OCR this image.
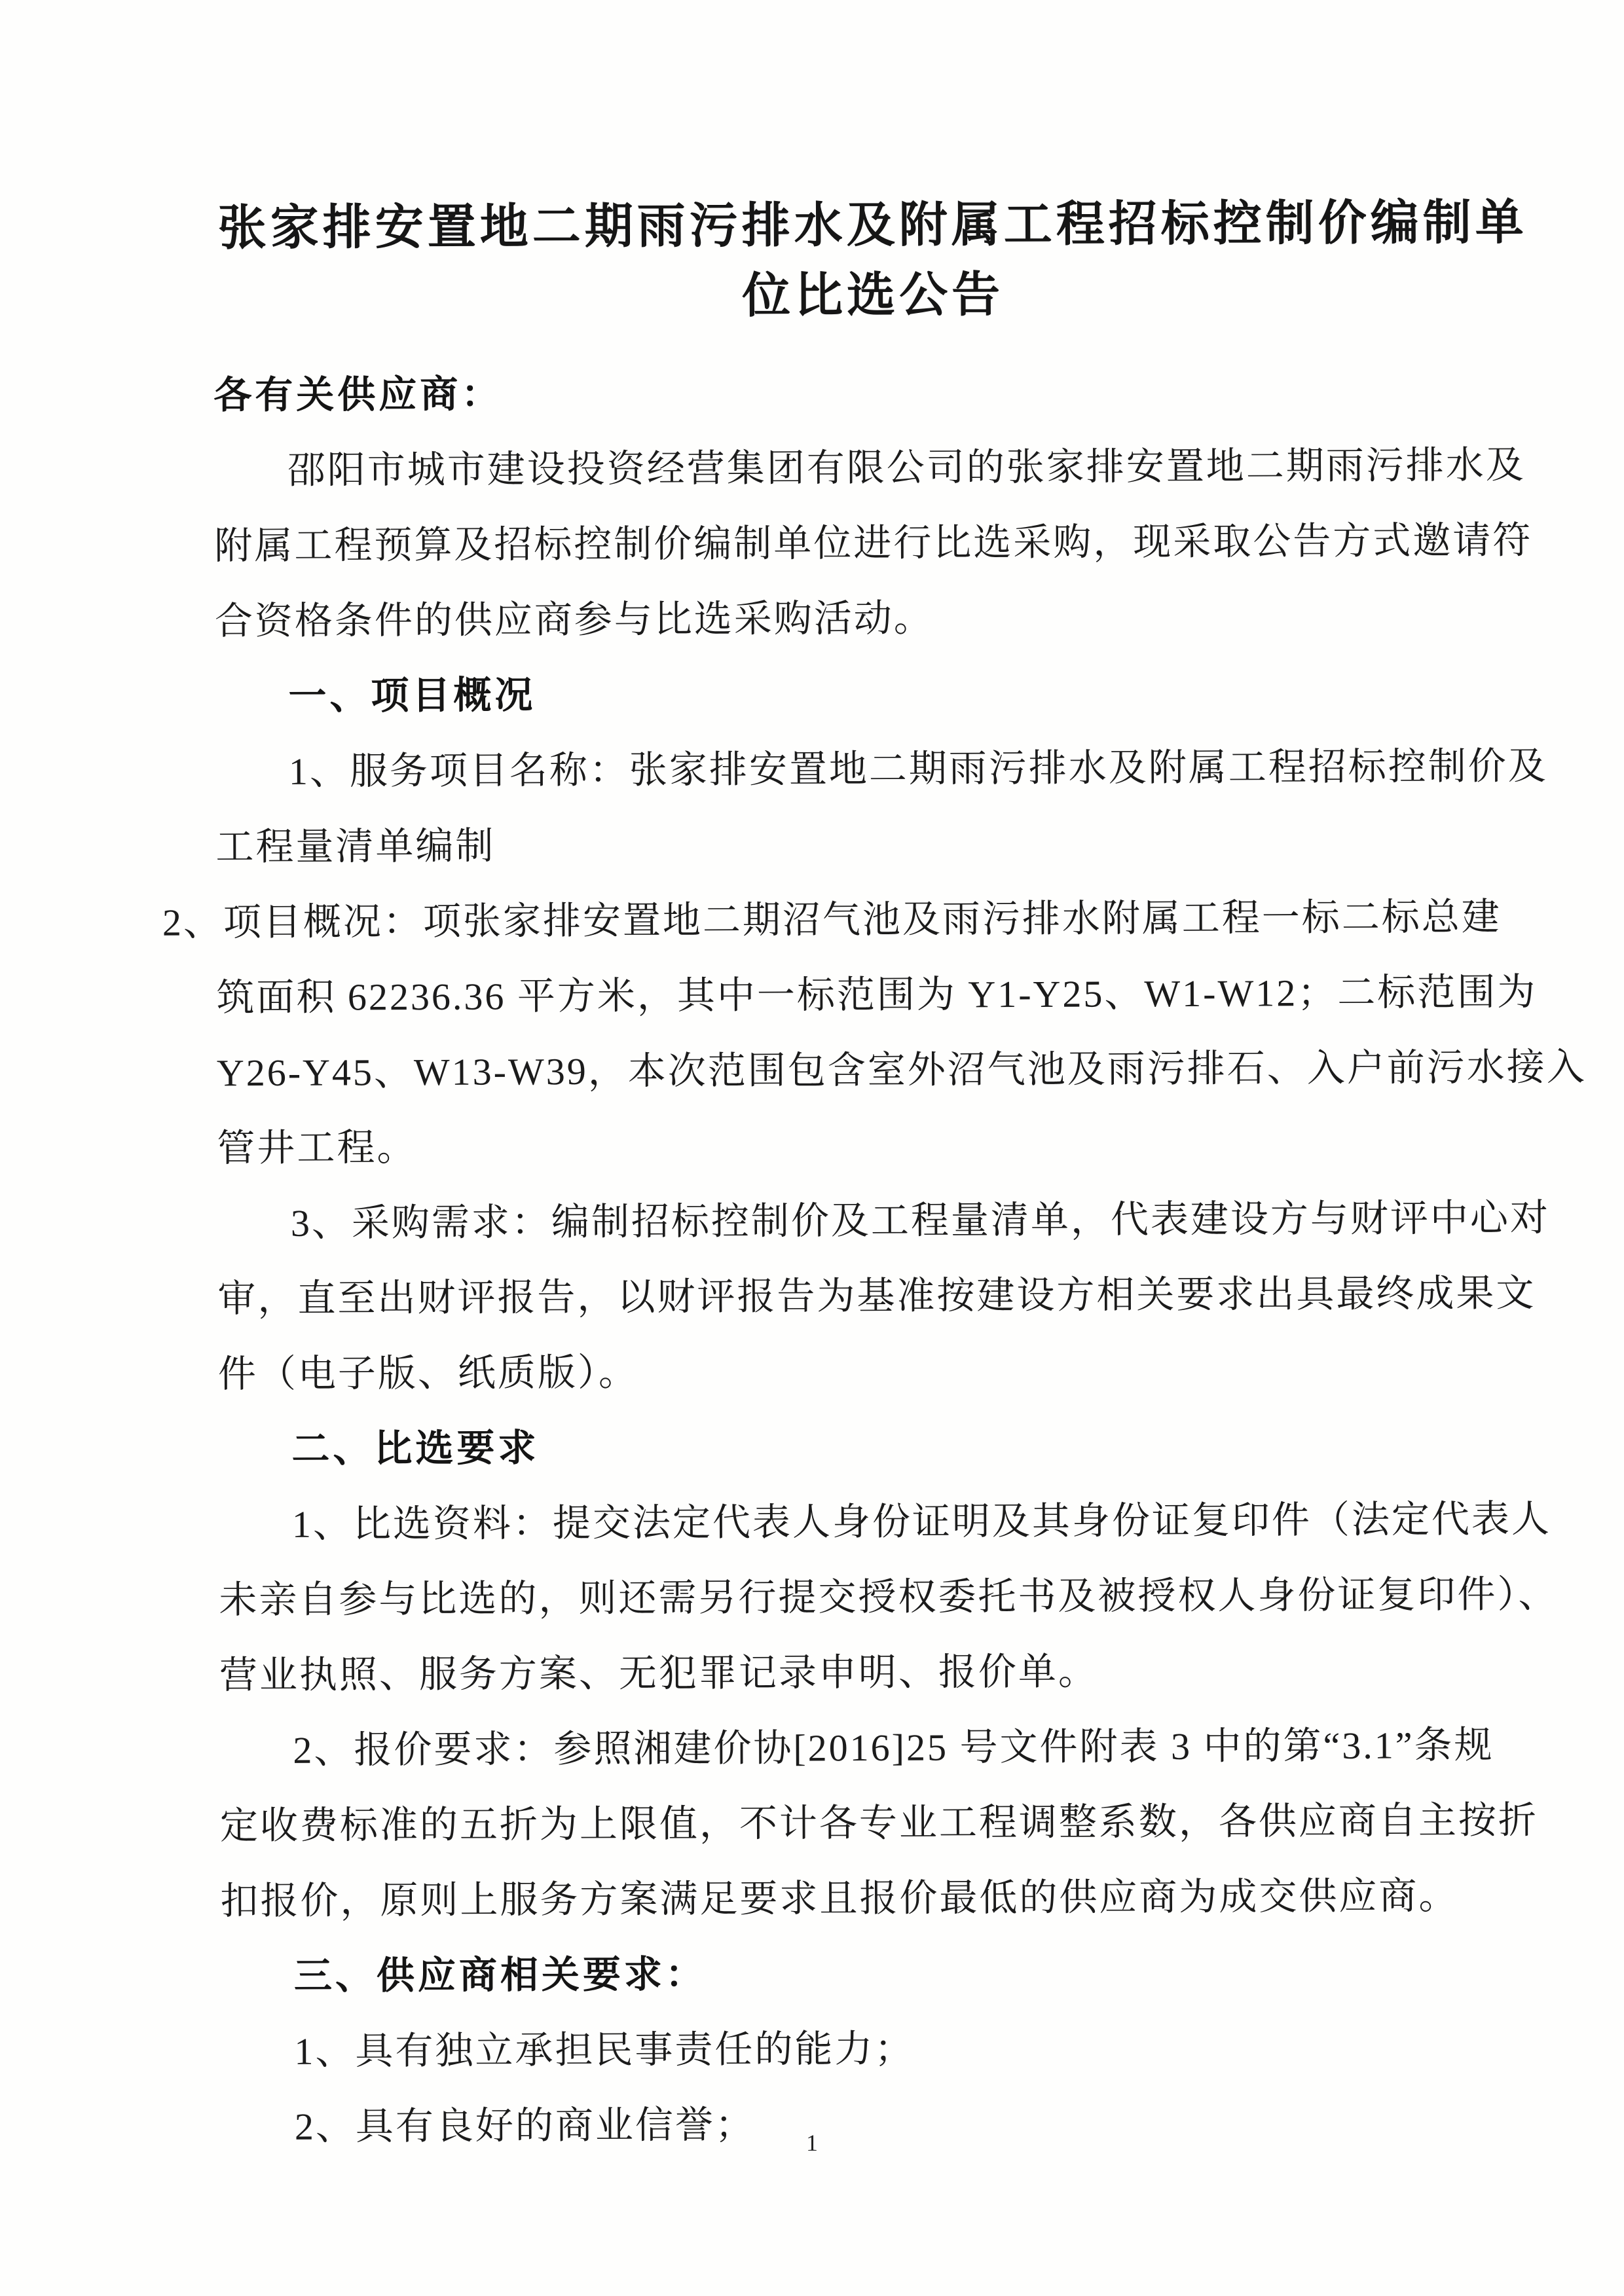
张家排安置地二期雨污排水及附属工程招标控制价编制单
位比选公告
各有关供应商：
邵阳市城市建设投资经营集团有限公司的张家排安置地二期雨污排水及
附属工程预算及招标控制价编制单位进行比选采购，现采取公告方式邀请符
合资格条件的供应商参与比选采购活动。
一、项目概况
1、服务项目名称：张家排安置地二期雨污排水及附属工程招标控制价及
工程量清单编制
2、项目概况：项张家排安置地二期沼气池及雨污排水附属工程一标二标总建
筑面积 62236.36 平方米，其中一标范围为 Y1-Y25、W1-W12；二标范围为
Y26-Y45、W13-W39，本次范围包含室外沼气池及雨污排石、入户前污水接入
管井工程。
3、采购需求：编制招标控制价及工程量清单，代表建设方与财评中心对
审，直至出财评报告，以财评报告为基准按建设方相关要求出具最终成果文
件（电子版、纸质版）。
二、比选要求
1、比选资料：提交法定代表人身份证明及其身份证复印件（法定代表人
未亲自参与比选的，则还需另行提交授权委托书及被授权人身份证复印件）、
营业执照、服务方案、无犯罪记录申明、报价单。
2、报价要求：参照湘建价协[2016]25 号文件附表 3 中的第“3.1”条规
定收费标准的五折为上限值，不计各专业工程调整系数，各供应商自主按折
扣报价，原则上服务方案满足要求且报价最低的供应商为成交供应商。
三、供应商相关要求：
1、具有独立承担民事责任的能力；
2、具有良好的商业信誉；	1
